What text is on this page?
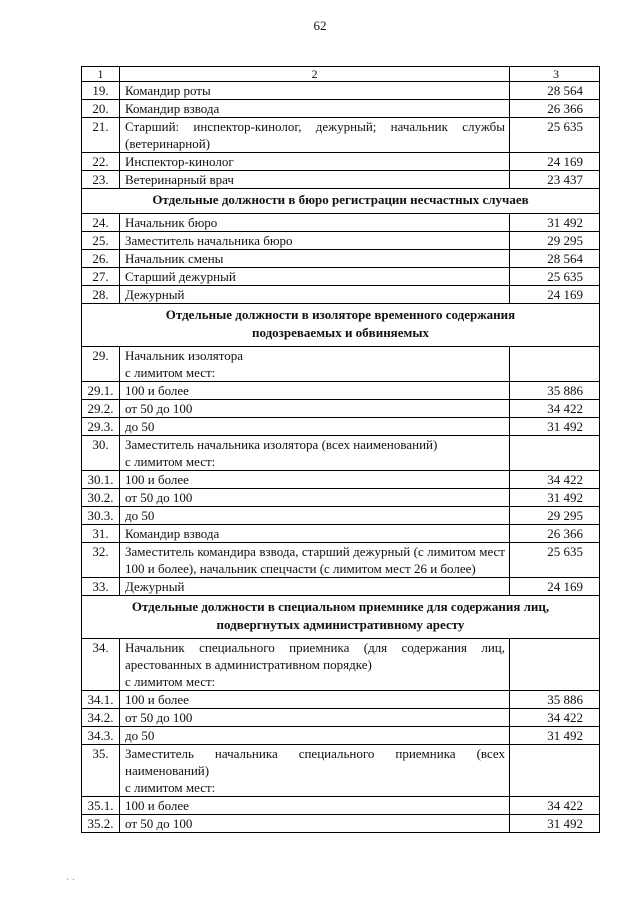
62
1	2	3
19.	Командир роты	28 564
20.	Командир взвода	26 366
21.	Старший: инспектор-кинолог, дежурный; начальник службы (ветеринарной)	25 635
22.	Инспектор-кинолог	24 169
23.	Ветеринарный врач	23 437

Отдельные должности в бюро регистрации несчастных случаев		

24.	Начальник бюро	31 492
25.	Заместитель начальника бюро	29 295
26.	Начальник смены	28 564
27.	Старший дежурный	25 635
28.	Дежурный	24 169

Отдельные должности в изоляторе временного содержания
подозреваемых и обвиняемых		

29.	Начальник изолятора
с лимитом мест:	

29.1.	100 и более	35 886
29.2.	от 50 до 100	34 422
29.3.	до 50	31 492
30.	Заместитель начальника изолятора (всех наименований)
с лимитом мест:	

30.1.	100 и более	34 422
30.2.	от 50 до 100	31 492
30.3.	до 50	29 295
31.	Командир взвода	26 366
32.	Заместитель командира взвода, старший дежурный (с лимитом мест 100 и более), начальник спецчасти (с лимитом мест 26 и более)	25 635
33.	Дежурный	24 169

Отдельные должности в специальном приемнике для содержания лиц,
подвергнутых административному аресту		

34.	Начальник специального приемника (для содержания лиц, арестованных в административном порядке)
с лимитом мест:	

34.1.	100 и более	35 886
34.2.	от 50 до 100	34 422
34.3.	до 50	31 492
35.	Заместитель начальника специального приемника (всех наименований)
с лимитом мест:	

35.1.	100 и более	34 422
35.2.	от 50 до 100	31 492
` ˙
